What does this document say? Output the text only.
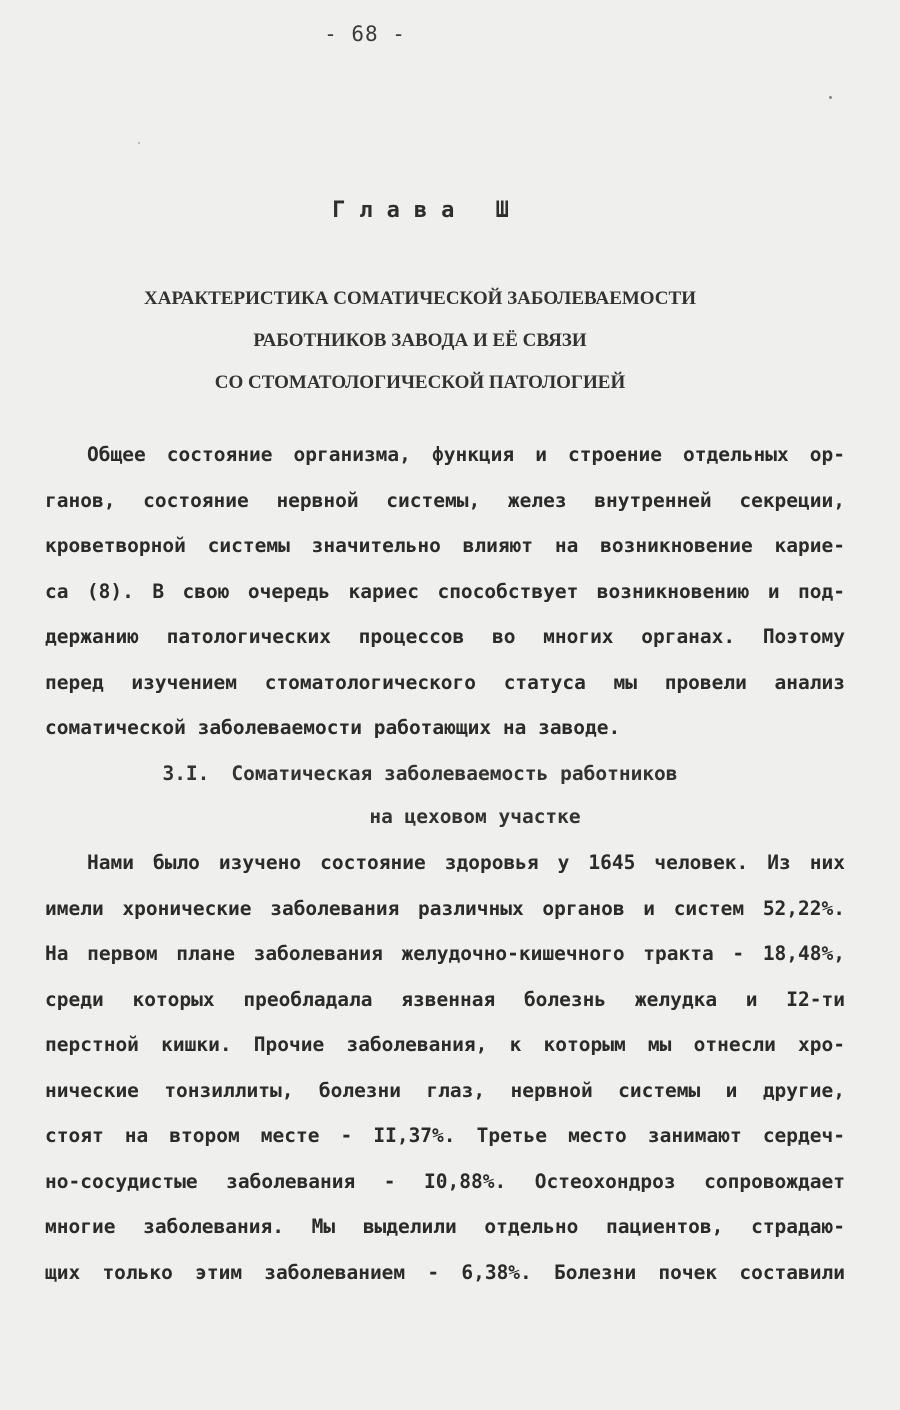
- 68 -
Глава Ш
ХАРАКТЕРИСТИКА СОМАТИЧЕСКОЙ ЗАБОЛЕВАЕМОСТИ
РАБОТНИКОВ ЗАВОДА И ЕЁ СВЯЗИ
СО СТОМАТОЛОГИЧЕСКОЙ ПАТОЛОГИЕЙ
Общее состояние организма, функция и строение отдельных ор-
ганов, состояние нервной системы, желез внутренней секреции,
кроветворной системы значительно влияют на возникновение карие-
са (8). В свою очередь кариес способствует возникновению и под-
держанию патологических процессов во многих органах. Поэтому
перед изучением стоматологического статуса мы провели анализ
соматической заболеваемости работающих на заводе.
3.I. Соматическая заболеваемость работников
на цеховом участке
Нами было изучено состояние здоровья у 1645 человек. Из них
имели хронические заболевания различных органов и систем 52,22%.
На первом плане заболевания желудочно-кишечного тракта - 18,48%,
среди которых преобладала язвенная болезнь желудка и I2-ти
перстной кишки. Прочие заболевания, к которым мы отнесли хро-
нические тонзиллиты, болезни глаз, нервной системы и другие,
стоят на втором месте - II,37%. Третье место занимают сердеч-
но-сосудистые заболевания - I0,88%. Остеохондроз сопровождает
многие заболевания. Мы выделили отдельно пациентов, страдаю-
щих только этим заболеванием - 6,38%. Болезни почек составили
